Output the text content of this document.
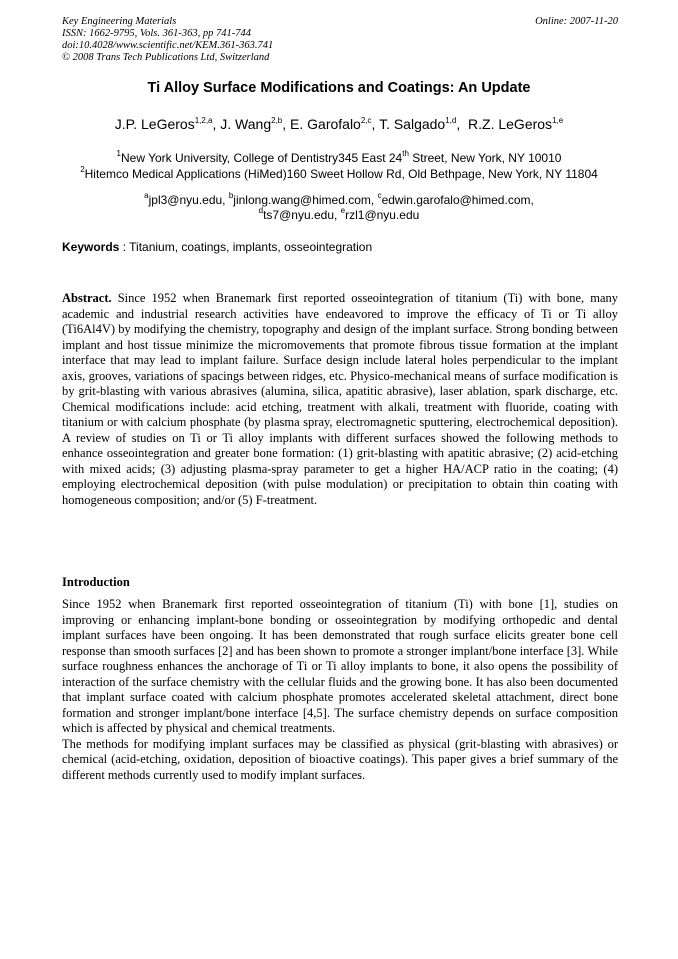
Key Engineering Materials
ISSN: 1662-9795, Vols. 361-363, pp 741-744
doi:10.4028/www.scientific.net/KEM.361-363.741
© 2008 Trans Tech Publications Ltd, Switzerland
Online: 2007-11-20
Ti Alloy Surface Modifications and Coatings: An Update
J.P. LeGeros$^{1,2,a}$, J. Wang$^{2,b}$, E. Garofalo$^{2,c}$, T. Salgado$^{1,d}$,  R.Z. LeGeros$^{1,e}$
$^1$New York University, College of Dentistry345 East 24th Street, New York, NY 10010
$^2$Hitemco Medical Applications (HiMed)160 Sweet Hollow Rd, Old Bethpage, New York, NY 11804
$^a$jpl3@nyu.edu, $^b$jinlong.wang@himed.com, $^c$edwin.garofalo@himed.com,
$^d$ts7@nyu.edu, $^e$rzl1@nyu.edu
Keywords : Titanium, coatings, implants, osseointegration
Abstract. Since 1952 when Branemark first reported osseointegration of titanium (Ti) with bone, many academic and industrial research activities have endeavored to improve the efficacy of Ti or Ti alloy (Ti6Al4V) by modifying the chemistry, topography and design of the implant surface. Strong bonding between implant and host tissue minimize the micromovements that promote fibrous tissue formation at the implant interface that may lead to implant failure. Surface design include lateral holes perpendicular to the implant axis, grooves, variations of spacings between ridges, etc. Physico-mechanical means of surface modification is by grit-blasting with various abrasives (alumina, silica, apatitic abrasive), laser ablation, spark discharge, etc. Chemical modifications include: acid etching, treatment with alkali, treatment with fluoride, coating with titanium or with calcium phosphate (by plasma spray, electromagnetic sputtering, electrochemical deposition). A review of studies on Ti or Ti alloy implants with different surfaces showed the following methods to enhance osseointegration and greater bone formation: (1) grit-blasting with apatitic abrasive; (2) acid-etching with mixed acids; (3) adjusting plasma-spray parameter to get a higher HA/ACP ratio in the coating; (4) employing electrochemical deposition (with pulse modulation) or precipitation to obtain thin coating with homogeneous composition; and/or (5) F-treatment.
Introduction

Since 1952 when Branemark first reported osseointegration of titanium (Ti) with bone [1], studies on improving or enhancing implant-bone bonding or osseointegration by modifying orthopedic and dental implant surfaces have been ongoing. It has been demonstrated that rough surface elicits greater bone cell response than smooth surfaces [2] and has been shown to promote a stronger implant/bone interface [3]. While surface roughness enhances the anchorage of Ti or Ti alloy implants to bone, it also opens the possibility of interaction of the surface chemistry with the cellular fluids and the growing bone. It has also been documented that implant surface coated with calcium phosphate promotes accelerated skeletal attachment, direct bone formation and stronger implant/bone interface [4,5]. The surface chemistry depends on surface composition which is affected by physical and chemical treatments.

The methods for modifying implant surfaces may be classified as physical (grit-blasting with abrasives) or chemical (acid-etching, oxidation, deposition of bioactive coatings). This paper gives a brief summary of the different methods currently used to modify implant surfaces.
